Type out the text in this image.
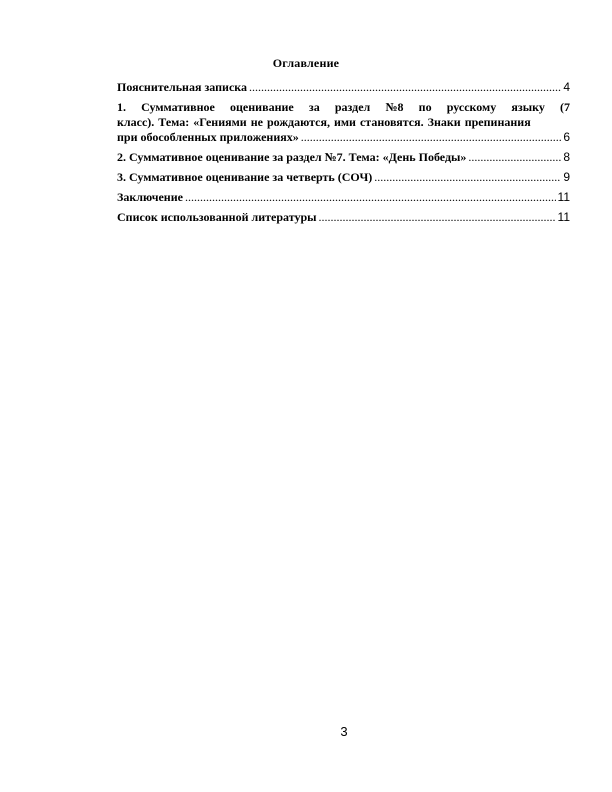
Оглавление
Пояснительная записка . . .	4
1. Суммативное оценивание за раздел №8 по русскому языку (7
класс). Тема: «Гениями не рождаются, ими становятся. Знаки препинания
при обособленных приложениях» . . .	6
2. Суммативное оценивание за раздел №7. Тема: «День Победы» . . .	8
3. Суммативное оценивание за четверть (СОЧ) . . .	9
Заключение . . .	11
Список использованной литературы . . .	11
3
